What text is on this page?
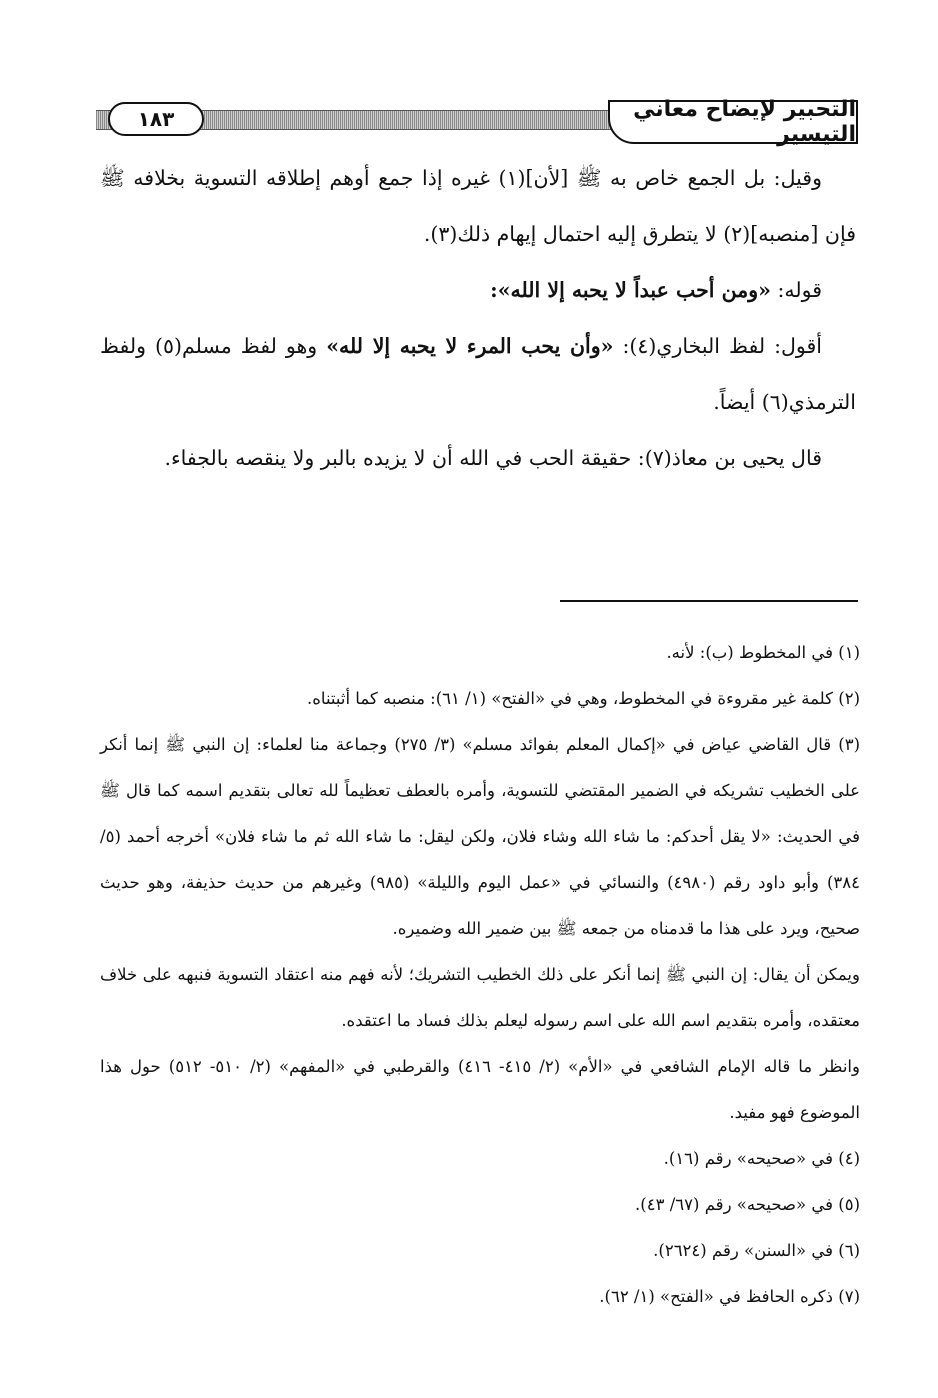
التحبير لإيضاح معاني التيسير
١٨٣

وقيل: بل الجمع خاص به ﷺ [لأن](١) غيره إذا جمع أوهم إطلاقه التسوية بخلافه ﷺ فإن [منصبه](٢) لا يتطرق إليه احتمال إيهام ذلك(٣).

قوله: «ومن أحب عبداً لا يحبه إلا الله»:

أقول: لفظ البخاري(٤): «وأن يحب المرء لا يحبه إلا لله» وهو لفظ مسلم(٥) ولفظ الترمذي(٦) أيضاً.

قال يحيى بن معاذ(٧): حقيقة الحب في الله أن لا يزيده بالبر ولا ينقصه بالجفاء.

(١) في المخطوط (ب): لأنه.

(٢) كلمة غير مقروءة في المخطوط، وهي في «الفتح» (١/ ٦١): منصبه كما أثبتناه.

(٣) قال القاضي عياض في «إكمال المعلم بفوائد مسلم» (٣/ ٢٧٥) وجماعة منا لعلماء: إن النبي ﷺ إنما أنكر على الخطيب تشريكه في الضمير المقتضي للتسوية، وأمره بالعطف تعظيماً لله تعالى بتقديم اسمه كما قال ﷺ في الحديث: «لا يقل أحدكم: ما شاء الله وشاء فلان، ولكن ليقل: ما شاء الله ثم ما شاء فلان» أخرجه أحمد (٥/ ٣٨٤) وأبو داود رقم (٤٩٨٠) والنسائي في «عمل اليوم والليلة» (٩٨٥) وغيرهم من حديث حذيفة، وهو حديث صحيح، ويرد على هذا ما قدمناه من جمعه ﷺ بين ضمير الله وضميره.

ويمكن أن يقال: إن النبي ﷺ إنما أنكر على ذلك الخطيب التشريك؛ لأنه فهم منه اعتقاد التسوية فنبهه على خلاف معتقده، وأمره بتقديم اسم الله على اسم رسوله ليعلم بذلك فساد ما اعتقده.

وانظر ما قاله الإمام الشافعي في «الأم» (٢/ ٤١٥- ٤١٦) والقرطبي في «المفهم» (٢/ ٥١٠- ٥١٢) حول هذا الموضوع فهو مفيد.

(٤) في «صحيحه» رقم (١٦).

(٥) في «صحيحه» رقم (٦٧/ ٤٣).

(٦) في «السنن» رقم (٢٦٢٤).

(٧) ذكره الحافظ في «الفتح» (١/ ٦٢).
